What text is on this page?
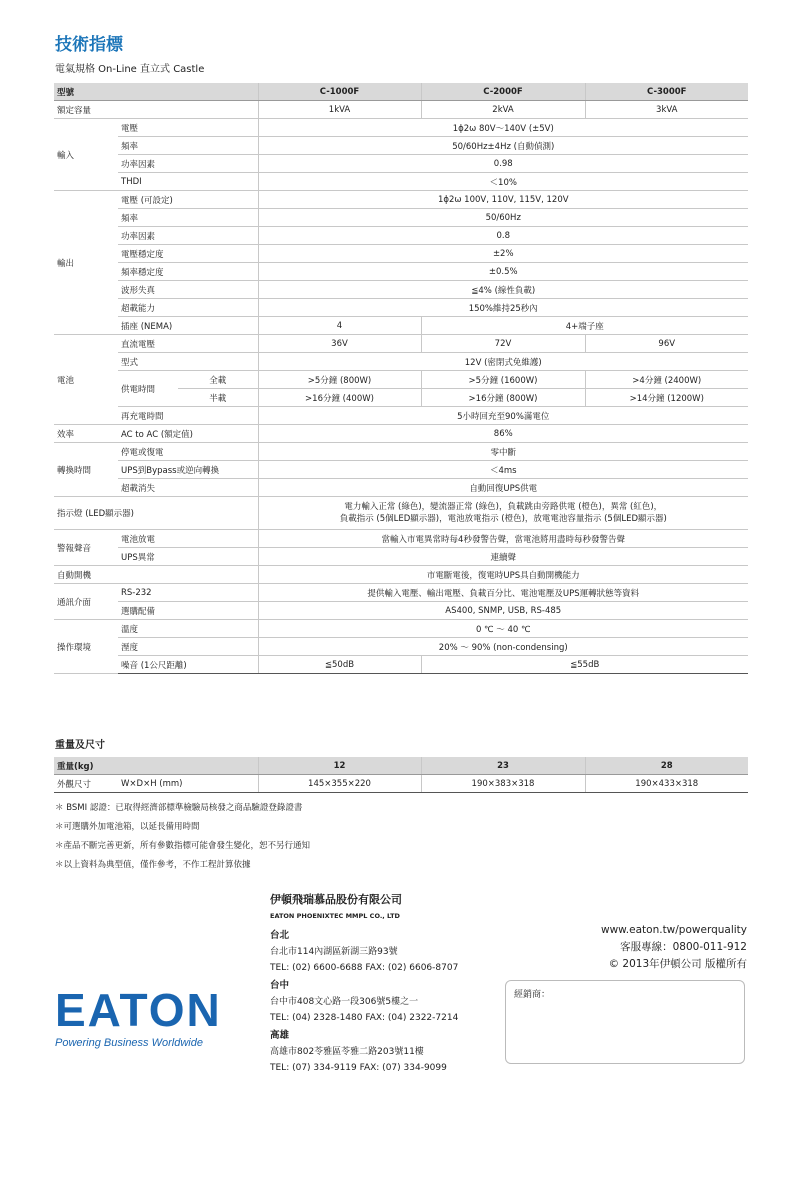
技術指標
電氣規格 On-Line 直立式 Castle
型號			C-1000F	C-2000F	C-3000F
額定容量			1kVA	2kVA	3kVA
輸入	電壓		1ϕ2ω 80V～140V (±5V)		
	頻率		50/60Hz±4Hz (自動偵測)		
	功率因素		0.98		
	THDI		＜10%		
輸出	電壓 (可設定)		1ϕ2ω 100V, 110V, 115V, 120V		
	頻率		50/60Hz		
	功率因素		0.8		
	電壓穩定度		±2%		
	頻率穩定度		±0.5%		
	波形失真		≦4% (線性負載)		
	超載能力		150%維持25秒內		
	插座 (NEMA)		4	4+端子座	
電池	直流電壓		36V	72V	96V
	型式		12V (密閉式免維護)		
	供電時間	全載	>5分鐘 (800W)	>5分鐘 (1600W)	>4分鐘 (2400W)
		半載	>16分鐘 (400W)	>16分鐘 (800W)	>14分鐘 (1200W)
	再充電時間		5小時回充至90%滿電位		
效率	AC to AC (額定值)		86%		
轉換時間	停電或復電		零中斷		
	UPS到Bypass或逆向轉換		＜4ms		
	超載消失		自動回復UPS供電		
指示燈 (LED顯示器)			電力輸入正常 (綠色)，變流器正常 (綠色)，負載跳由旁路供電 (橙色)，異常 (紅色)，
負載指示 (5個LED顯示器)，電池放電指示 (橙色)，放電電池容量指示 (5個LED顯示器)		

警報聲音	電池放電		當輸入市電異常時每4秒發警告聲，當電池將用盡時每秒發警告聲		
	UPS異常		連續聲		
自動開機			市電斷電後，復電時UPS具自動開機能力		
通訊介面	RS-232		提供輸入電壓、輸出電壓、負載百分比、電池電壓及UPS運轉狀態等資料		
	選購配備		AS400, SNMP, USB, RS-485		
操作環境	溫度		0 ℃ ～ 40 ℃		
	溼度		20% ～ 90% (non-condensing)		
	噪音 (1公尺距離)		≦50dB	≦55dB	
重量及尺寸
重量(kg)		12	23	28
外觀尺寸	W×D×H (mm)	145×355×220	190×383×318	190×433×318
＊ BSMI 認證：已取得經濟部標準檢驗局核發之商品驗證登錄證書
＊可選購外加電池箱，以延長備用時間
＊產品不斷完善更新，所有參數指標可能會發生變化，恕不另行通知
＊以上資料為典型值，僅作參考，不作工程計算依據
EATON
Powering Business Worldwide
伊頓飛瑞慕品股份有限公司
EATON PHOENIXTEC MMPL CO., LTD
台北
台北市114內湖區新湖三路93號
TEL: (02) 6600-6688 FAX: (02) 6606-8707
台中
台中市408文心路一段306號5樓之一
TEL: (04) 2328-1480 FAX: (04) 2322-7214
高雄
高雄市802苓雅區苓雅二路203號11樓
TEL: (07) 334-9119 FAX: (07) 334-9099
www.eaton.tw/powerquality
客服專線：0800-011-912
© 2013年伊頓公司 版權所有
經銷商：
